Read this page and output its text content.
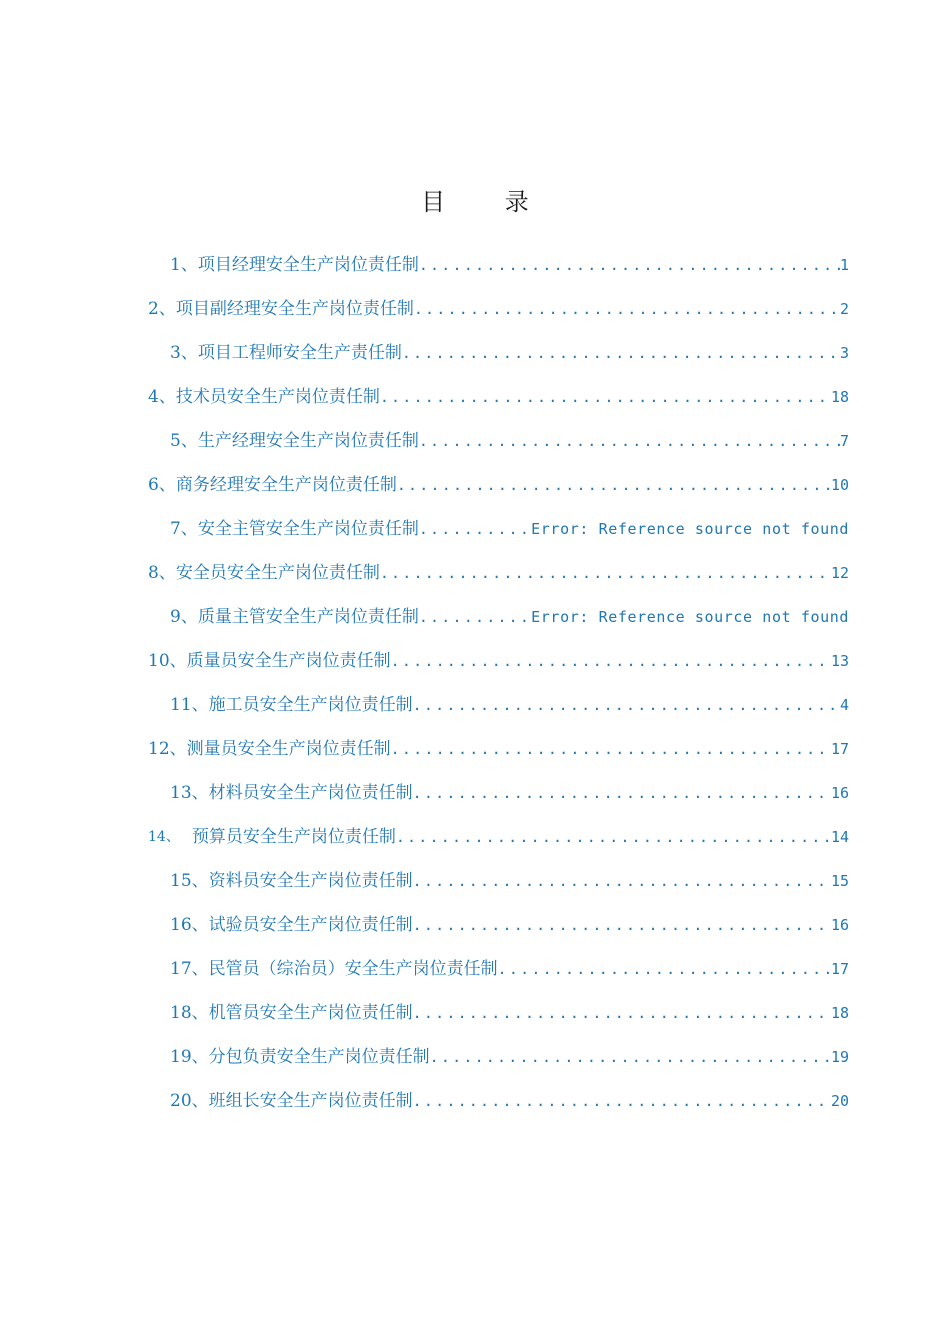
目 录
1、 项目经理安全生产岗位责任制 .....	1
2、 项目副经理安全生产岗位责任制 .....	2
3、 项目工程师安全生产责任制 .....	3
4、 技术员安全生产岗位责任制 .....	18
5、 生产经理安全生产岗位责任制 .....	7
6、 商务经理安全生产岗位责任制 .....	10
7、 安全主管安全生产岗位责任制 .....	Error: Reference source not found
8、 安全员安全生产岗位责任制 .....	12
9、 质量主管安全生产岗位责任制 .....	Error: Reference source not found
10、 质量员安全生产岗位责任制 .....	13
11、 施工员安全生产岗位责任制 .....	4
12、 测量员安全生产岗位责任制 .....	17
13、 材料员安全生产岗位责任制 .....	16
14、 预算员安全生产岗位责任制 .....	14
15、 资料员安全生产岗位责任制 .....	15
16、 试验员安全生产岗位责任制 .....	16
17、 民管员（综治员）安全生产岗位责任制 .....	17
18、 机管员安全生产岗位责任制 .....	18
19、 分包负责安全生产岗位责任制 .....	19
20、 班组长安全生产岗位责任制 .....	20
